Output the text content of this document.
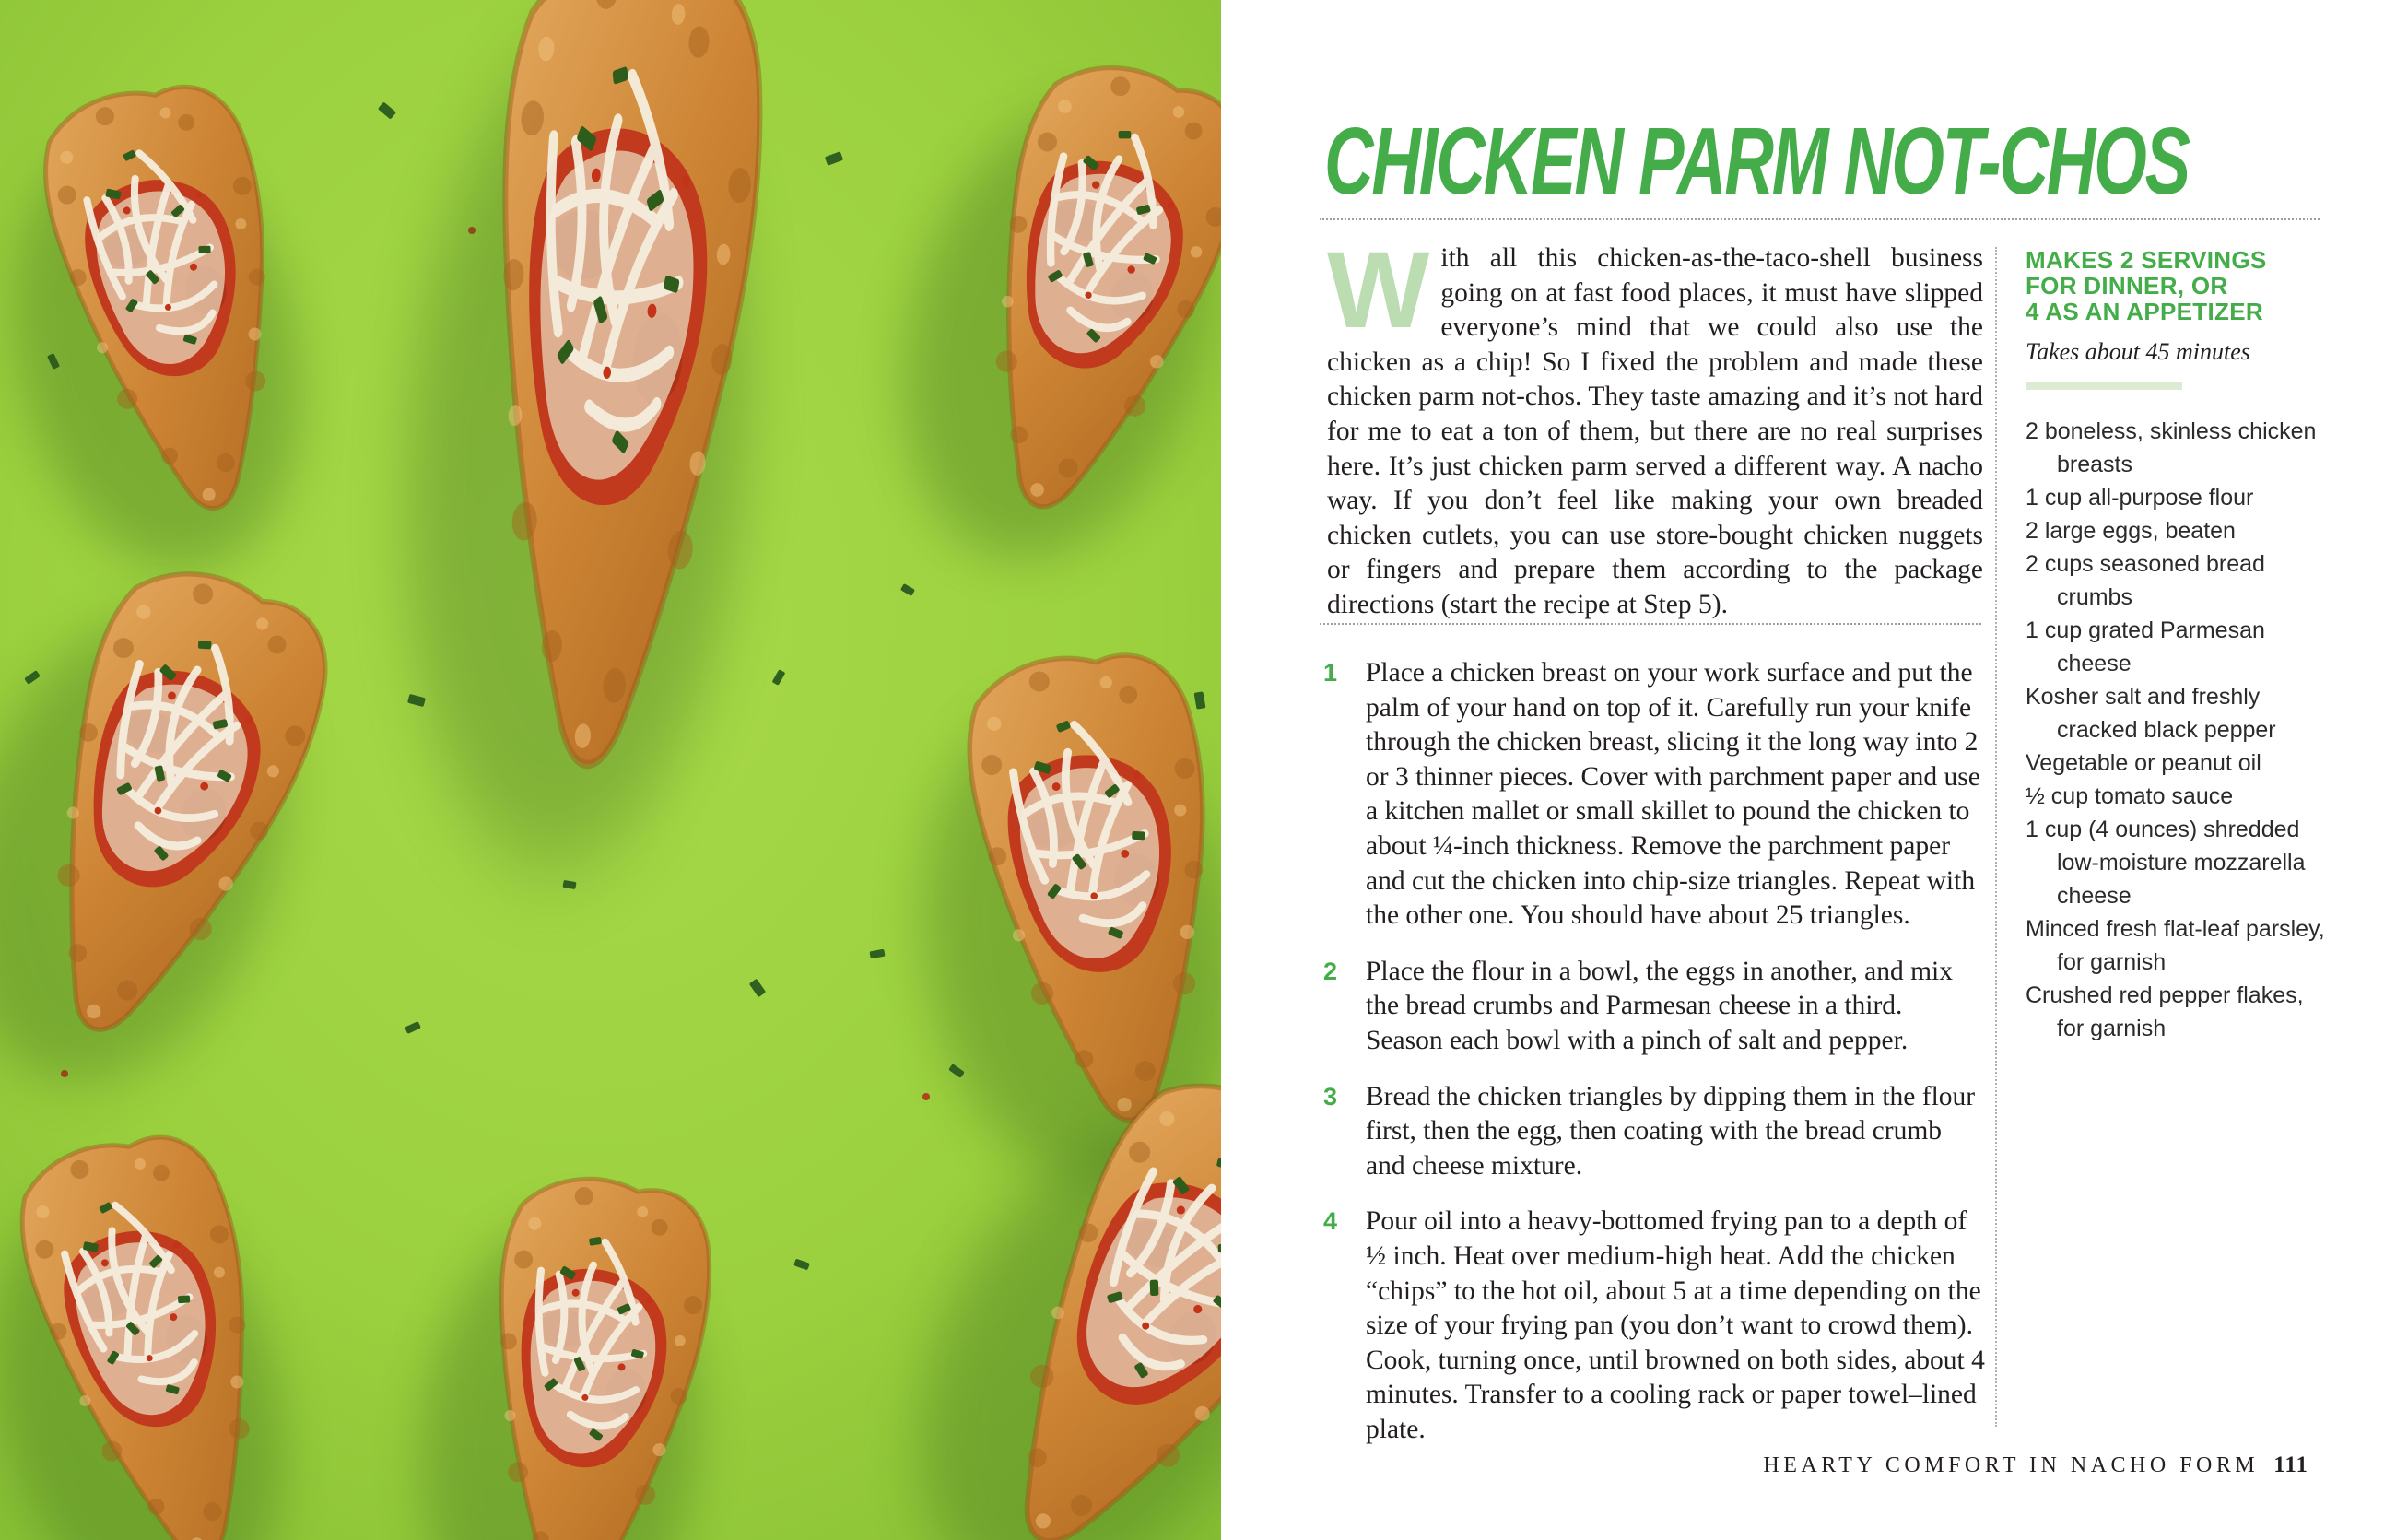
CHICKEN PARM NOT-CHOS
With all this chicken-as-the-taco-shell business going on at fast food places, it must have slipped everyone’s mind that we could also use the chicken as a chip! So I fixed the problem and made these chicken parm not-chos. They taste amazing and it’s not hard for me to eat a ton of them, but there are no real surprises here. It’s just chicken parm served a different way. A nacho way. If you don’t feel like making your own breaded chicken cutlets, you can use store-bought chicken nuggets or fingers and prepare them according to the package directions (start the recipe at Step 5).
1 Place a chicken breast on your work surface and put the palm of your hand on top of it. Carefully run your knife through the chicken breast, slicing it the long way into 2 or 3 thinner pieces. Cover with parchment paper and use a kitchen mallet or small skillet to pound the chicken to about ¼-inch thickness. Remove the parchment paper and cut the chicken into chip-size triangles. Repeat with the other one. You should have about 25 triangles.

2 Place the flour in a bowl, the eggs in another, and mix the bread crumbs and Parmesan cheese in a third. Season each bowl with a pinch of salt and pepper.

3 Bread the chicken triangles by dipping them in the flour first, then the egg, then coating with the bread crumb and cheese mixture.

4 Pour oil into a heavy-bottomed frying pan to a depth of ½ inch. Heat over medium-high heat. Add the chicken “chips” to the hot oil, about 5 at a time depending on the size of your frying pan (you don’t want to crowd them). Cook, turning once, until browned on both sides, about 4 minutes. Transfer to a cooling rack or paper towel–lined plate.

MAKES 2 SERVINGS
FOR DINNER, OR
4 AS AN APPETIZER

Takes about 45 minutes

2 boneless, skinless chicken breasts
1 cup all-purpose flour
2 large eggs, beaten
2 cups seasoned bread crumbs
1 cup grated Parmesan cheese
Kosher salt and freshly cracked black pepper
Vegetable or peanut oil
½ cup tomato sauce
1 cup (4 ounces) shredded low-moisture mozzarella cheese
Minced fresh flat-leaf parsley, for garnish
Crushed red pepper flakes, for garnish
HEARTY COMFORT IN NACHO FORM 111
